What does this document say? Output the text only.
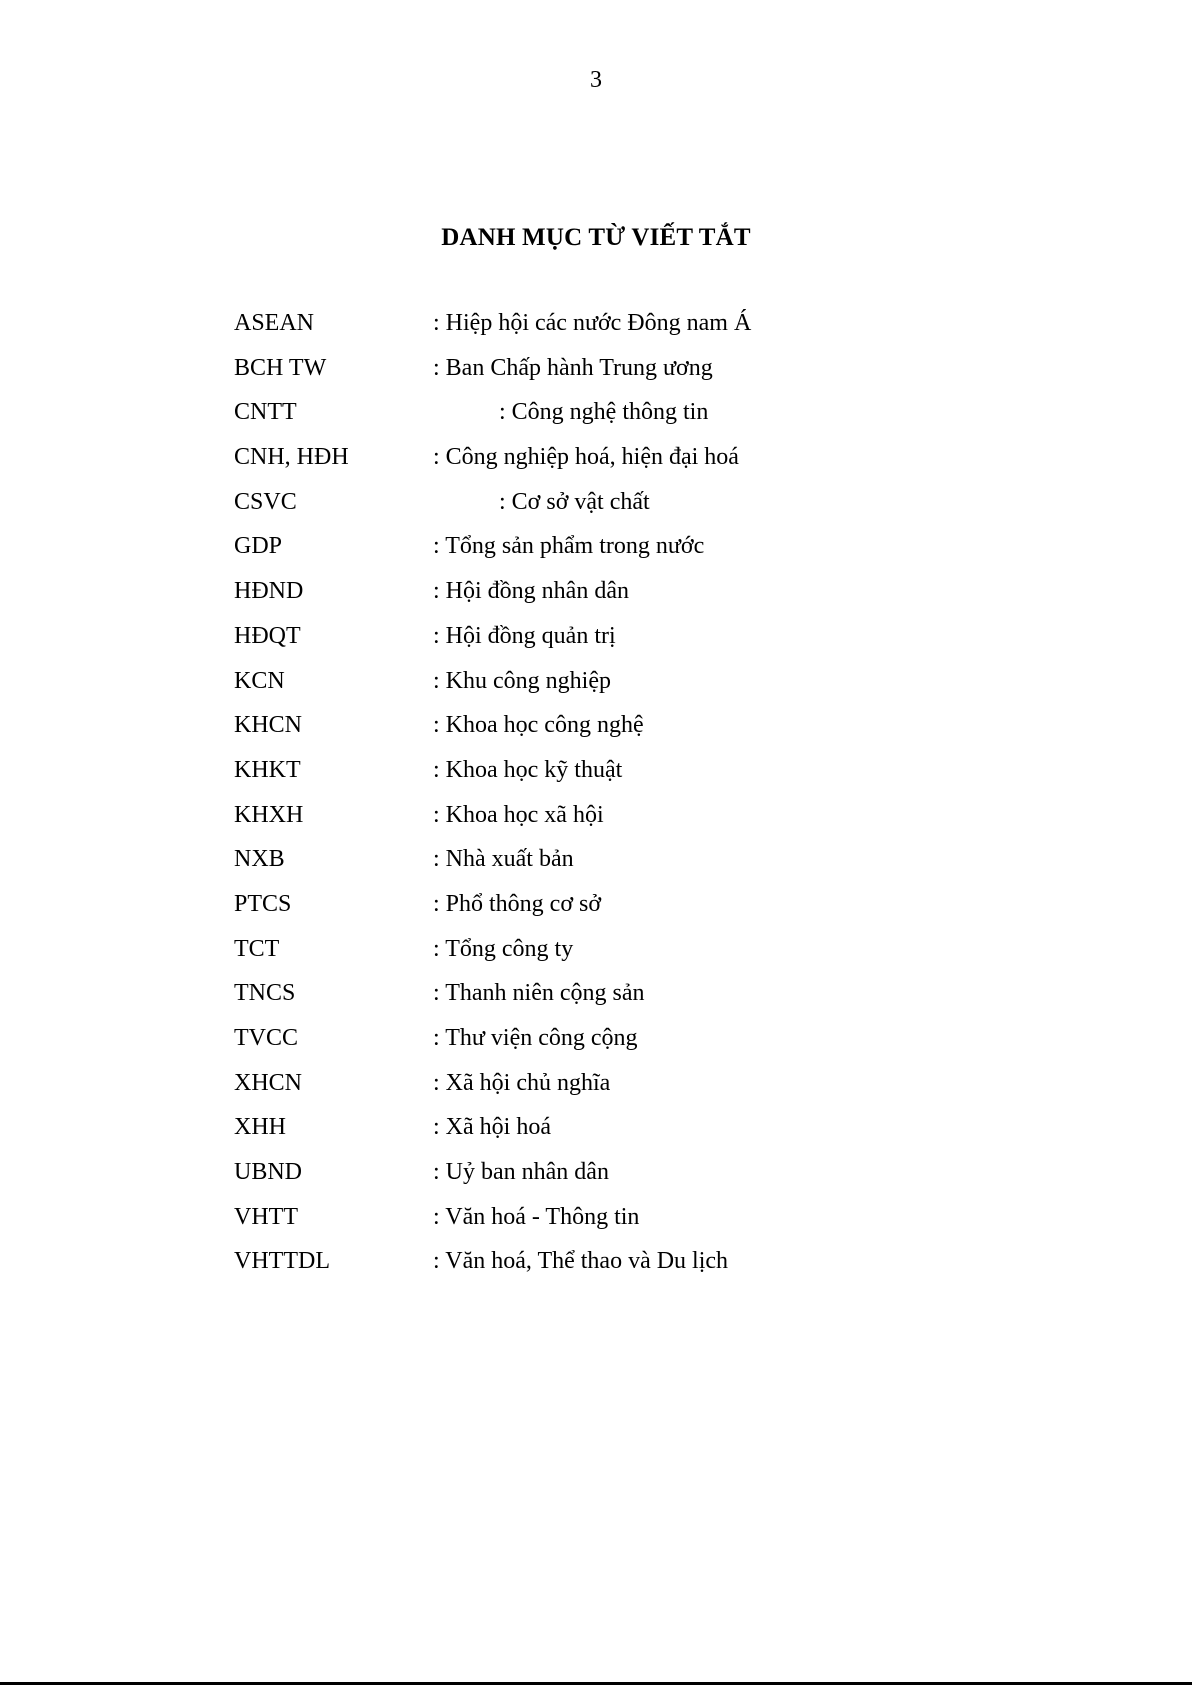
3
DANH MỤC TỪ VIẾT TẮT
ASEAN	: Hiệp hội các nước Đông nam Á
BCH TW	: Ban Chấp hành Trung ương
CNTT	: Công nghệ thông tin
CNH, HĐH	: Công nghiệp hoá, hiện đại hoá
CSVC	: Cơ sở vật chất
GDP	: Tổng sản phẩm trong nước
HĐND	: Hội đồng nhân dân
HĐQT	: Hội đồng quản trị
KCN	: Khu công nghiệp
KHCN	: Khoa học công nghệ
KHKT	: Khoa học kỹ thuật
KHXH	: Khoa học xã hội
NXB	: Nhà xuất bản
PTCS	: Phổ thông cơ sở
TCT	: Tổng công ty
TNCS	: Thanh niên cộng sản
TVCC	: Thư viện công cộng
XHCN	: Xã hội chủ nghĩa
XHH	: Xã hội hoá
UBND	: Uỷ ban nhân dân
VHTT	: Văn hoá - Thông tin
VHTTDL	: Văn hoá, Thể thao và Du lịch
